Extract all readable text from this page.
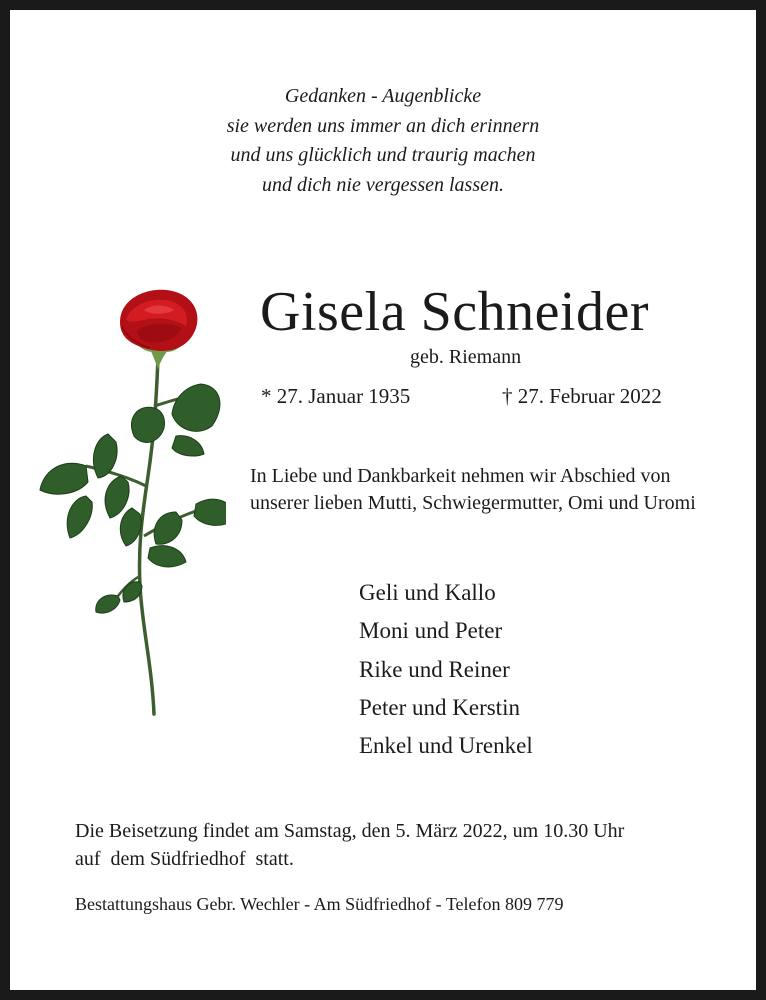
Gedanken - Augenblicke
sie werden uns immer an dich erinnern
und uns glücklich und traurig machen
und dich nie vergessen lassen.
Gisela Schneider
geb. Riemann
* 27. Januar 1935	† 27. Februar 2022
In Liebe und Dankbarkeit nehmen wir Abschied von unserer lieben Mutti, Schwiegermutter, Omi und Uromi
Geli und Kallo
Moni und Peter
Rike und Reiner
Peter und Kerstin
Enkel und Urenkel
Die Beisetzung findet am Samstag, den 5. März 2022, um 10.30 Uhr
auf  dem Südfriedhof  statt.
Bestattungshaus Gebr. Wechler - Am Südfriedhof - Telefon 809 779
